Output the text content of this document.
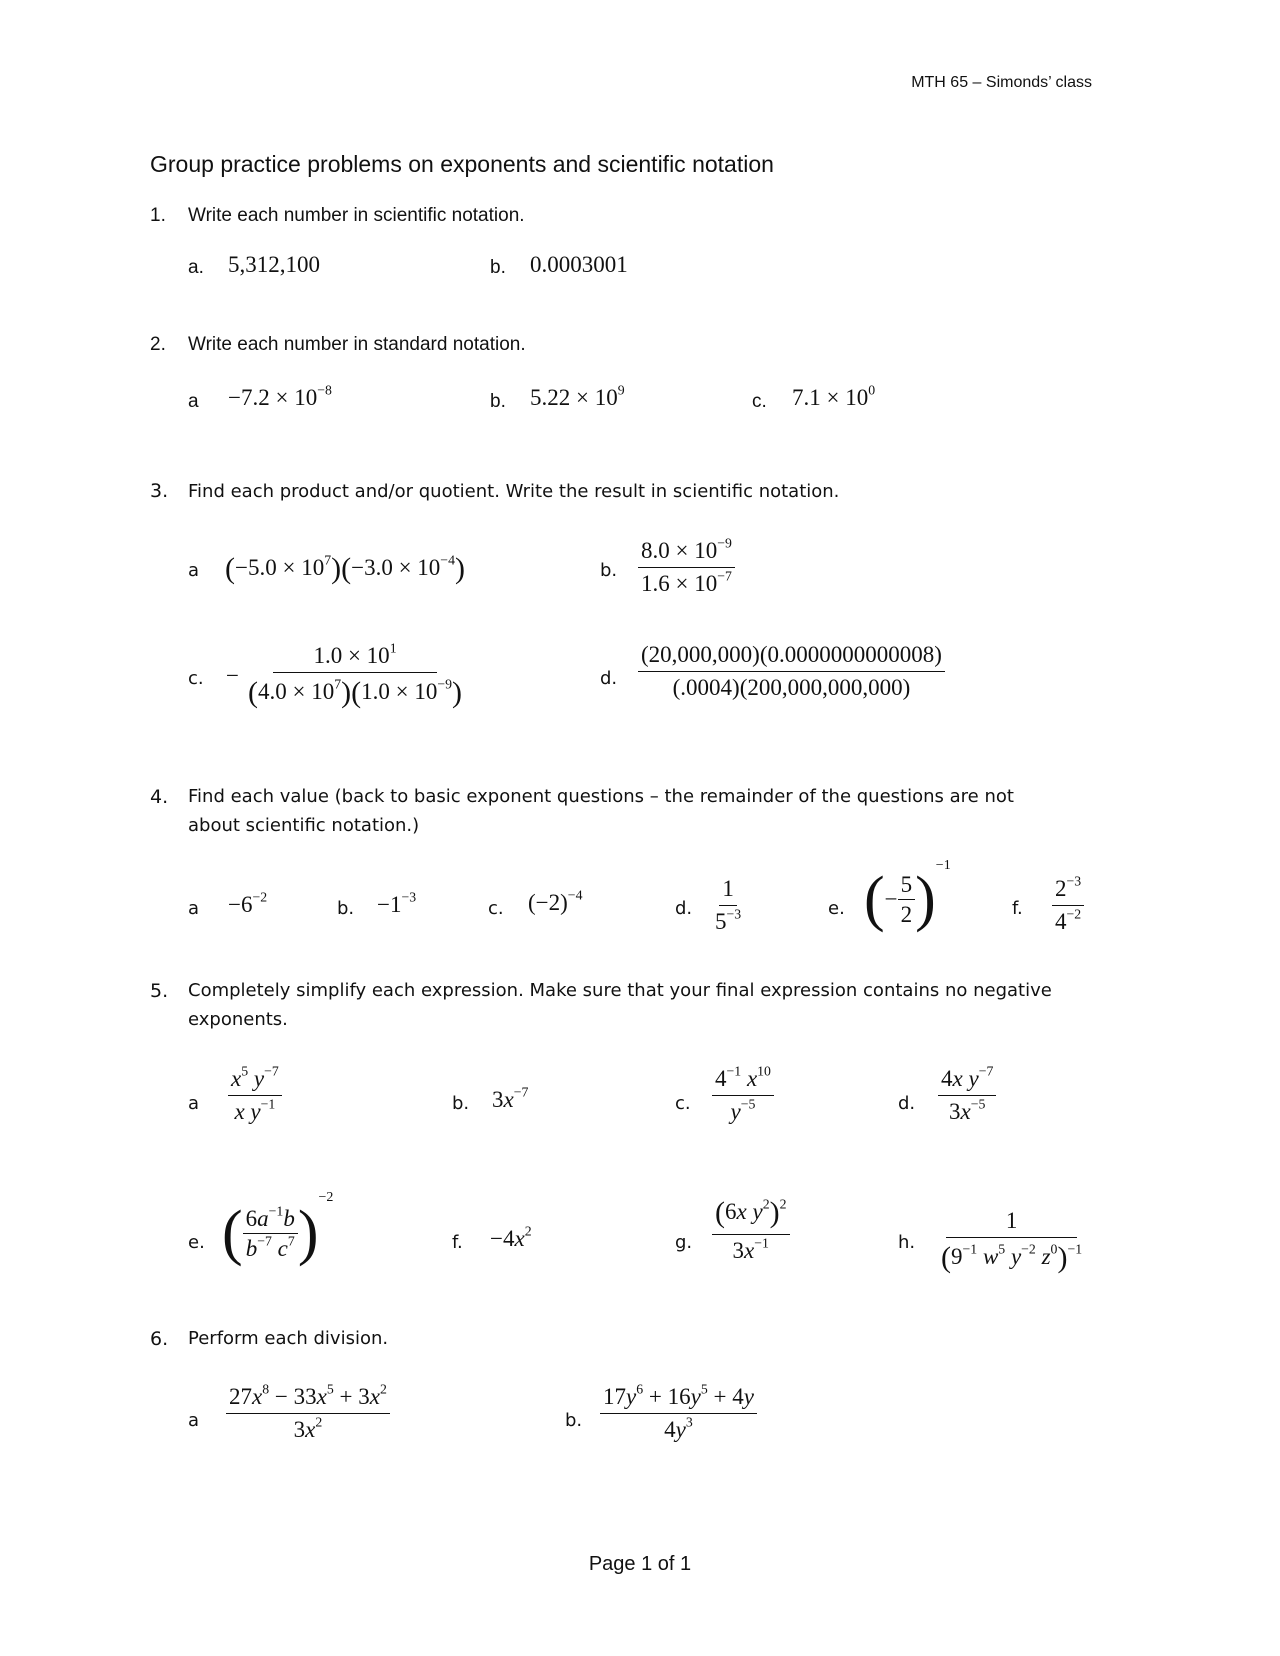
MTH 65 – Simonds’ class
Group practice problems on exponents and scientific notation
1. Write each number in scientific notation.
a. 5,312,100	b. 0.0003001
2. Write each number in standard notation.
$a -7.2 \times 10^{-8}$
b. $5.22 \times 10^9$
c. $7.1 \times 10^0$
3. Find each product and/or quotient. Write the result in scientific notation.
a $(-5.0 \times 10^7)(-3.0 \times 10^{-4})$	b. $\frac{8.0 \times 10^{-9}}{1.6 \times 10^{-7}}$
c. − $\frac{1.0 \times 10^1}{(4.0 \times 10^7)(1.0 \times 10^{-9})}$	d. $\frac{(20,000,000)(0.0000000000008)}{(.0004)(200,000,000,000)}$
4. Find each value (back to basic exponent questions – the remainder of the questions are not
about scientific notation.)
$a -6^{-2}$
b. $-1^{-3}$
c. $(-2)^{-4}$
d. $\frac{1}{5^{-3}}$	e. (− $\frac{5}{2} )^{-1}$
f. $\frac{2^{-3}}{4^{-2}}$
5. Completely simplify each expression. Make sure that your final expression contains no negative
exponents.
a $\frac{x^5 y^{-7}}{x y^{-1}}$	b. $3x^{-7}$
c. $\frac{4^{-1} x^{10}}{y^{-5}}$	d. $\frac{4x y^{-7}}{3x^{-5}}$
e. ( $\frac{6a^{-1}b}{b^{-7} c^7} )^{-2}$
f. $-4x^2$
g. $\frac{(6x y^2)^2}{3x^{-1}}$	h. $\frac{1}{(9^{-1} w^5 y^{-2} z^0)^{-1}}$
6. Perform each division.
a $\frac{27x^8 - 33x^5 + 3x^2}{3x^2}$	b. $\frac{17y^6 + 16y^5 + 4y}{4y^3}$
Page 1 of 1
